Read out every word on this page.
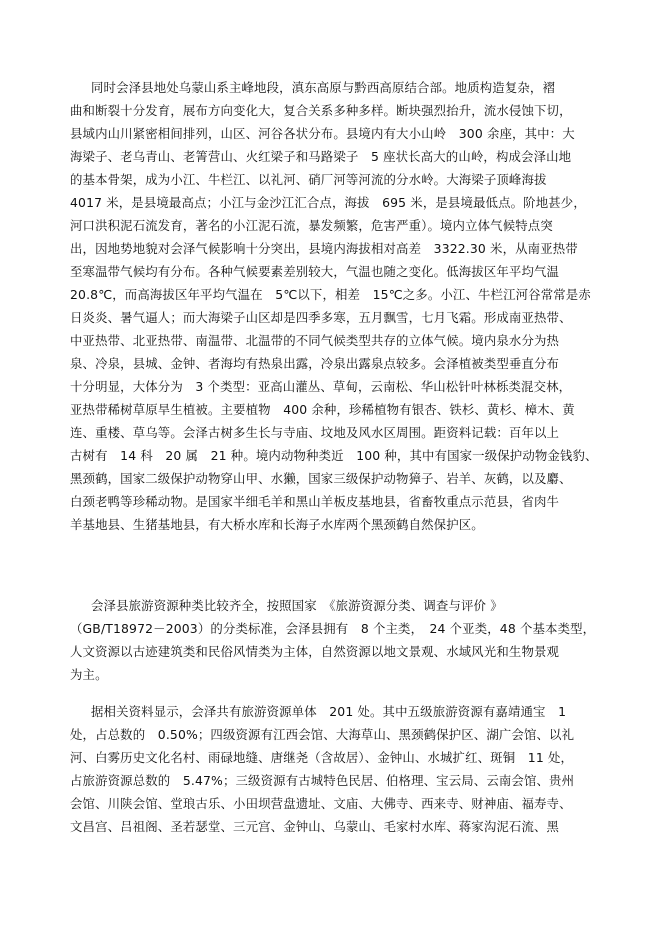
同时会泽县地处乌蒙山系主峰地段，滇东高原与黔西高原结合部。地质构造复杂，褶
曲和断裂十分发育，展布方向变化大，复合关系多种多样。断块强烈抬升，流水侵蚀下切，
县域内山川紧密相间排列，山区、河谷各状分布。县境内有大小山岭　300 余座，其中：大
海梁子、老乌青山、老箐营山、火红梁子和马路梁子　5 座状长高大的山岭，构成会泽山地
的基本骨架，成为小江、牛栏江、以礼河、硝厂河等河流的分水岭。大海梁子顶峰海拔
4017 米，是县境最高点；小江与金沙江汇合点，海拔　695 米，是县境最低点。阶地甚少，
河口洪积泥石流发育，著名的小江泥石流，暴发频繁，危害严重）。境内立体气候特点突
出，因地势地貌对会泽气候影响十分突出，县境内海拔相对高差　3322.30 米，从南亚热带
至寒温带气候均有分布。各种气候要素差别较大，气温也随之变化。低海拔区年平均气温
20.8℃，而高海拔区年平均气温在　5℃以下，相差　15℃之多。小江、牛栏江河谷常常是赤
日炎炎、暑气逼人；而大海梁子山区却是四季多寒，五月飘雪，七月飞霜。形成南亚热带、
中亚热带、北亚热带、南温带、北温带的不同气候类型共存的立体气候。境内泉水分为热
泉、冷泉，县城、金钟、者海均有热泉出露，冷泉出露泉点较多。会泽植被类型垂直分布
十分明显，大体分为　3 个类型：亚高山灌丛、草甸，云南松、华山松针叶林栎类混交林，
亚热带稀树草原旱生植被。主要植物　400 余种，珍稀植物有银杏、铁杉、黄杉、樟木、黄
连、重楼、草乌等。会泽古树多生长与寺庙、坟地及风水区周围。距资料记载：百年以上
古树有　14 科　20 属　21 种。境内动物种类近　100 种，其中有国家一级保护动物金钱豹、
黑颈鹤，国家二级保护动物穿山甲、水獭，国家三级保护动物獐子、岩羊、灰鹤，以及麝、
白颈老鸭等珍稀动物。是国家半细毛羊和黑山羊板皮基地县，省畜牧重点示范县，省肉牛
羊基地县、生猪基地县，有大桥水库和长海子水库两个黑颈鹤自然保护区。
会泽县旅游资源种类比较齐全，按照国家　《旅游资源分类、调查与评价 》
（GB/T18972－2003）的分类标准，会泽县拥有　8 个主类，　24 个亚类，48 个基本类型，
人文资源以古迹建筑类和民俗风情类为主体，自然资源以地文景观、水域风光和生物景观
为主。
据相关资料显示，会泽共有旅游资源单体　201 处。其中五级旅游资源有嘉靖通宝　1
处，占总数的　0.50%；四级资源有江西会馆、大海草山、黑颈鹤保护区、湖广会馆、以礼
河、白雾历史文化名村、雨碌地缝、唐继尧（含故居）、金钟山、水城扩红、斑铜　11 处，
占旅游资源总数的　5.47%；三级资源有古城特色民居、伯格理、宝云局、云南会馆、贵州
会馆、川陕会馆、堂琅古乐、小田坝营盘遗址、文庙、大佛寺、西来寺、财神庙、福寿寺、
文昌宫、吕祖阁、圣若瑟堂、三元宫、金钟山、乌蒙山、毛家村水库、蒋家沟泥石流、黑
